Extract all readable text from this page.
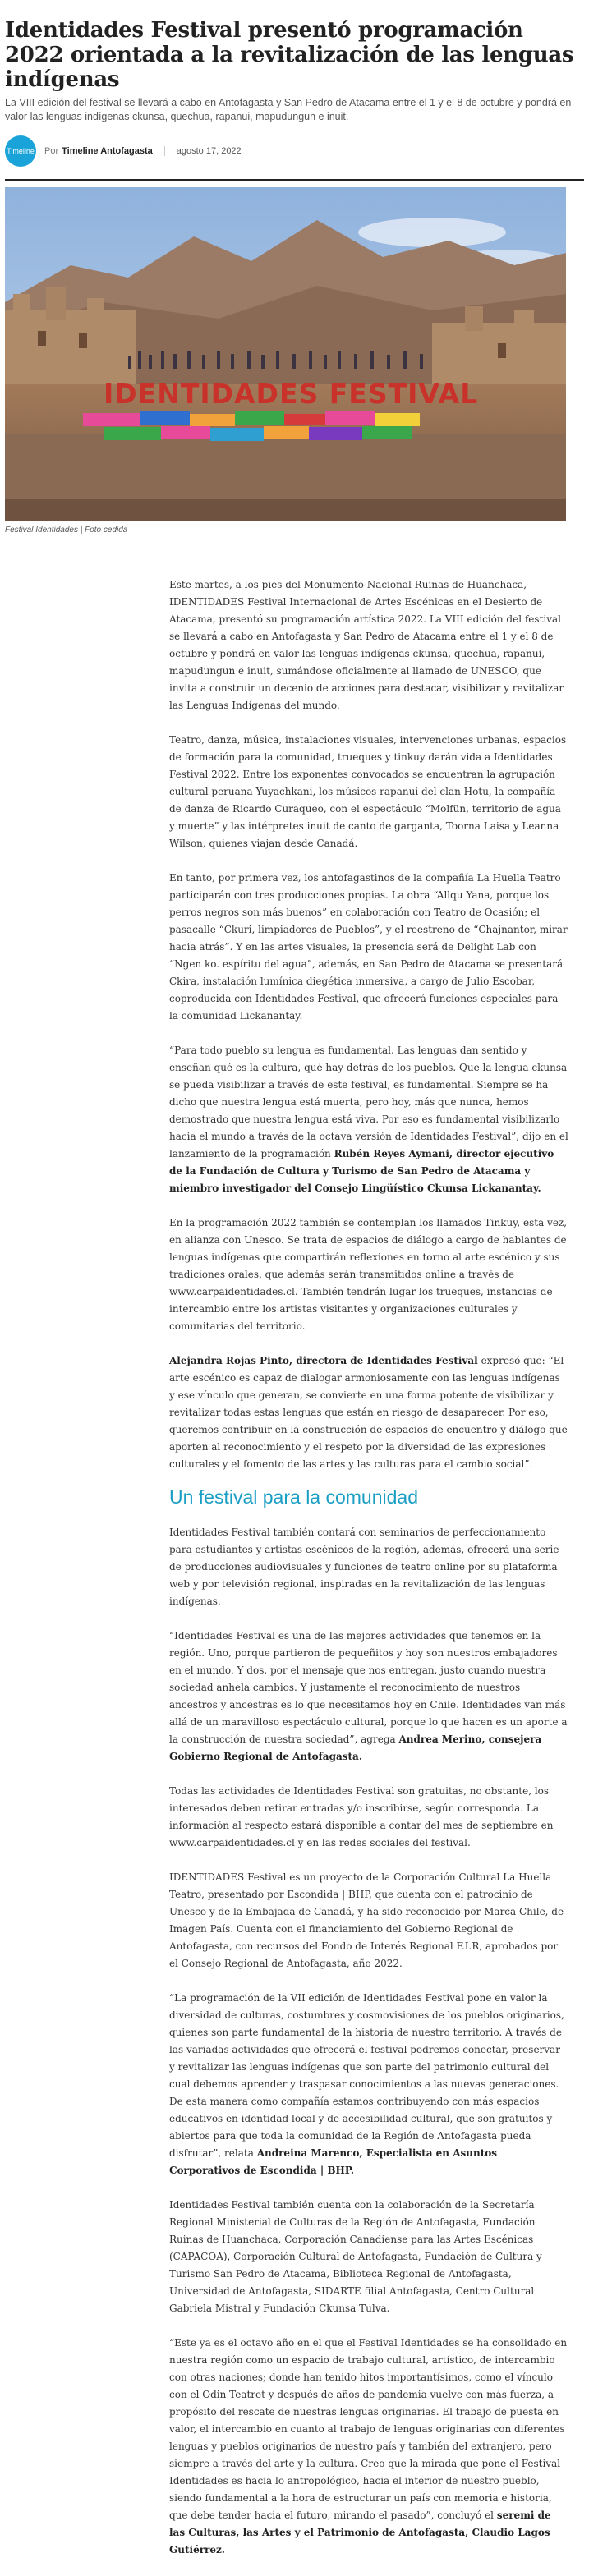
Identidades Festival presentó programación 2022 orientada a la revitalización de las lenguas indígenas
La VIII edición del festival se llevará a cabo en Antofagasta y San Pedro de Atacama entre el 1 y el 8 de octubre y pondrá en valor las lenguas indígenas ckunsa, quechua, rapanui, mapudungun e inuit.
Timeline Por Timeline Antofagasta	agosto 17, 2022
IDENTIDADES FESTIVAL
Festival Identidades | Foto cedida

Este martes, a los pies del Monumento Nacional Ruinas de Huanchaca, IDENTIDADES Festival Internacional de Artes Escénicas en el Desierto de Atacama, presentó su programación artística 2022. La VIII edición del festival se llevará a cabo en Antofagasta y San Pedro de Atacama entre el 1 y el 8 de octubre y pondrá en valor las lenguas indígenas ckunsa, quechua, rapanui, mapudungun e inuit, sumándose oficialmente al llamado de UNESCO, que invita a construir un decenio de acciones para destacar, visibilizar y revitalizar las Lenguas Indígenas del mundo.

Teatro, danza, música, instalaciones visuales, intervenciones urbanas, espacios de formación para la comunidad, trueques y tinkuy darán vida a Identidades Festival 2022. Entre los exponentes convocados se encuentran la agrupación cultural peruana Yuyachkani, los músicos rapanui del clan Hotu, la compañía de danza de Ricardo Curaqueo, con el espectáculo “Molfün, territorio de agua y muerte” y las intérpretes inuit de canto de garganta, Toorna Laisa y Leanna Wilson, quienes viajan desde Canadá.

En tanto, por primera vez, los antofagastinos de la compañía La Huella Teatro participarán con tres producciones propias. La obra “Allqu Yana, porque los perros negros son más buenos” en colaboración con Teatro de Ocasión; el pasacalle “Ckuri, limpiadores de Pueblos”, y el reestreno de “Chajnantor, mirar hacia atrás”. Y en las artes visuales, la presencia será de Delight Lab con “Ngen ko. espíritu del agua”, además, en San Pedro de Atacama se presentará Ckira, instalación lumínica diegética inmersiva, a cargo de Julio Escobar, coproducida con Identidades Festival, que ofrecerá funciones especiales para la comunidad Lickanantay.

“Para todo pueblo su lengua es fundamental. Las lenguas dan sentido y enseñan qué es la cultura, qué hay detrás de los pueblos. Que la lengua ckunsa se pueda visibilizar a través de este festival, es fundamental. Siempre se ha dicho que nuestra lengua está muerta, pero hoy, más que nunca, hemos demostrado que nuestra lengua está viva. Por eso es fundamental visibilizarlo hacia el mundo a través de la octava versión de Identidades Festival”, dijo en el lanzamiento de la programación Rubén Reyes Aymani, director ejecutivo de la Fundación de Cultura y Turismo de San Pedro de Atacama y miembro investigador del Consejo Lingüístico Ckunsa Lickanantay.

En la programación 2022 también se contemplan los llamados Tinkuy, esta vez, en alianza con Unesco. Se trata de espacios de diálogo a cargo de hablantes de lenguas indígenas que compartirán reflexiones en torno al arte escénico y sus tradiciones orales, que además serán transmitidos online a través de www.carpaidentidades.cl. También tendrán lugar los trueques, instancias de intercambio entre los artistas visitantes y organizaciones culturales y comunitarias del territorio.

Alejandra Rojas Pinto, directora de Identidades Festival expresó que: “El arte escénico es capaz de dialogar armoniosamente con las lenguas indígenas y ese vínculo que generan, se convierte en una forma potente de visibilizar y revitalizar todas estas lenguas que están en riesgo de desaparecer. Por eso, queremos contribuir en la construcción de espacios de encuentro y diálogo que aporten al reconocimiento y el respeto por la diversidad de las expresiones culturales y el fomento de las artes y las culturas para el cambio social”.

Un festival para la comunidad

Identidades Festival también contará con seminarios de perfeccionamiento para estudiantes y artistas escénicos de la región, además, ofrecerá una serie de producciones audiovisuales y funciones de teatro online por su plataforma web y por televisión regional, inspiradas en la revitalización de las lenguas indígenas.

“Identidades Festival es una de las mejores actividades que tenemos en la región. Uno, porque partieron de pequeñitos y hoy son nuestros embajadores en el mundo. Y dos, por el mensaje que nos entregan, justo cuando nuestra sociedad anhela cambios. Y justamente el reconocimiento de nuestros ancestros y ancestras es lo que necesitamos hoy en Chile. Identidades van más allá de un maravilloso espectáculo cultural, porque lo que hacen es un aporte a la construcción de nuestra sociedad”, agrega Andrea Merino, consejera Gobierno Regional de Antofagasta.

Todas las actividades de Identidades Festival son gratuitas, no obstante, los interesados deben retirar entradas y/o inscribirse, según corresponda. La información al respecto estará disponible a contar del mes de septiembre en www.carpaidentidades.cl y en las redes sociales del festival.

IDENTIDADES Festival es un proyecto de la Corporación Cultural La Huella Teatro, presentado por Escondida | BHP, que cuenta con el patrocinio de Unesco y de la Embajada de Canadá, y ha sido reconocido por Marca Chile, de Imagen País. Cuenta con el financiamiento del Gobierno Regional de Antofagasta, con recursos del Fondo de Interés Regional F.I.R, aprobados por el Consejo Regional de Antofagasta, año 2022.

“La programación de la VII edición de Identidades Festival pone en valor la diversidad de culturas, costumbres y cosmovisiones de los pueblos originarios, quienes son parte fundamental de la historia de nuestro territorio. A través de las variadas actividades que ofrecerá el festival podremos conectar, preservar y revitalizar las lenguas indígenas que son parte del patrimonio cultural del cual debemos aprender y traspasar conocimientos a las nuevas generaciones. De esta manera como compañía estamos contribuyendo con más espacios educativos en identidad local y de accesibilidad cultural, que son gratuitos y abiertos para que toda la comunidad de la Región de Antofagasta pueda disfrutar”, relata Andreina Marenco, Especialista en Asuntos Corporativos de Escondida | BHP.

Identidades Festival también cuenta con la colaboración de la Secretaría Regional Ministerial de Culturas de la Región de Antofagasta, Fundación Ruinas de Huanchaca, Corporación Canadiense para las Artes Escénicas (CAPACOA), Corporación Cultural de Antofagasta, Fundación de Cultura y Turismo San Pedro de Atacama, Biblioteca Regional de Antofagasta, Universidad de Antofagasta, SIDARTE filial Antofagasta, Centro Cultural Gabriela Mistral y Fundación Ckunsa Tulva.

“Este ya es el octavo año en el que el Festival Identidades se ha consolidado en nuestra región como un espacio de trabajo cultural, artístico, de intercambio con otras naciones; donde han tenido hitos importantísimos, como el vínculo con el Odin Teatret y después de años de pandemia vuelve con más fuerza, a propósito del rescate de nuestras lenguas originarias. El trabajo de puesta en valor, el intercambio en cuanto al trabajo de lenguas originarias con diferentes lenguas y pueblos originarios de nuestro país y también del extranjero, pero siempre a través del arte y la cultura. Creo que la mirada que pone el Festival Identidades es hacia lo antropológico, hacia el interior de nuestro pueblo, siendo fundamental a la hora de estructurar un país con memoria e historia, que debe tender hacia el futuro, mirando el pasado”, concluyó el seremi de las Culturas, las Artes y el Patrimonio de Antofagasta, Claudio Lagos Gutiérrez.
